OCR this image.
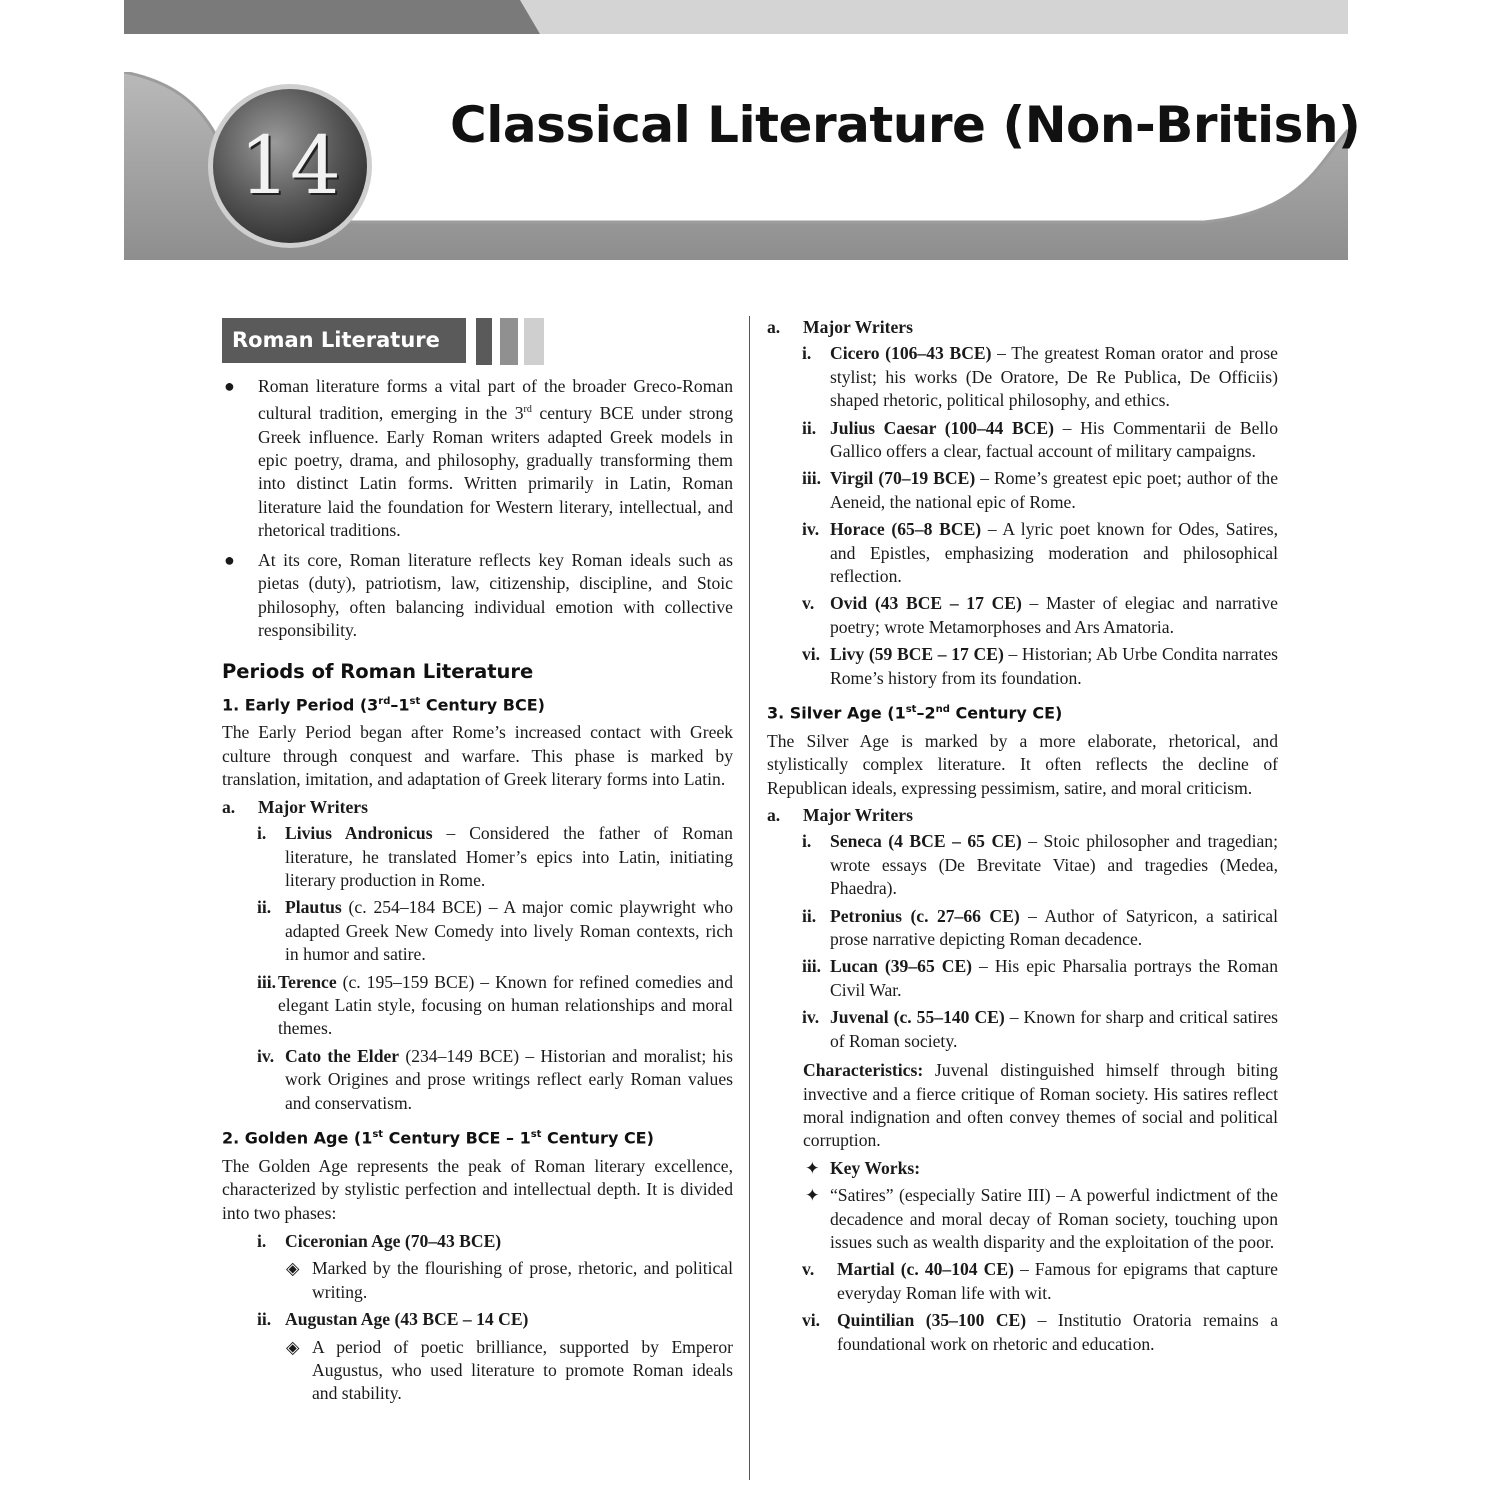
14	Classical Literature (Non-British)
Roman Literature
● Roman literature forms a vital part of the broader Greco-Roman cultural tradition, emerging in the 3rd century BCE under strong Greek influence. Early Roman writers adapted Greek models in epic poetry, drama, and philosophy, gradually transforming them into distinct Latin forms. Written primarily in Latin, Roman literature laid the foundation for Western literary, intellectual, and rhetorical traditions.
● At its core, Roman literature reflects key Roman ideals such as pietas (duty), patriotism, law, citizenship, discipline, and Stoic philosophy, often balancing individual emotion with collective responsibility.
Periods of Roman Literature
1. Early Period (3rd–1st Century BCE)

The Early Period began after Rome’s increased contact with Greek culture through conquest and warfare. This phase is marked by translation, imitation, and adaptation of Greek literary forms into Latin.

a. Major Writers
i.	Livius Andronicus – Considered the father of Roman literature, he translated Homer’s epics into Latin, initiating literary production in Rome.
ii. Plautus (c. 254–184 BCE) – A major comic playwright who adapted Greek New Comedy into lively Roman contexts, rich in humor and satire.
iii. Terence (c. 195–159 BCE) – Known for refined comedies and elegant Latin style, focusing on human relationships and moral themes.
iv. Cato the Elder (234–149 BCE) – Historian and moralist; his work Origines and prose writings reflect early Roman values and conservatism.
2. Golden Age (1st Century BCE – 1st Century CE)

The Golden Age represents the peak of Roman literary excellence, characterized by stylistic perfection and intellectual depth. It is divided into two phases:

i.	Ciceronian Age (70–43 BCE)
◈ Marked by the flourishing of prose, rhetoric, and political writing.
ii. Augustan Age (43 BCE – 14 CE)
◈ A period of poetic brilliance, supported by Emperor Augustus, who used literature to promote Roman ideals and stability.
a. Major Writers
i.	Cicero (106–43 BCE) – The greatest Roman orator and prose stylist; his works (De Oratore, De Re Publica, De Officiis) shaped rhetoric, political philosophy, and ethics.
ii. Julius Caesar (100–44 BCE) – His Commentarii de Bello Gallico offers a clear, factual account of military campaigns.
iii. Virgil (70–19 BCE) – Rome’s greatest epic poet; author of the Aeneid, the national epic of Rome.
iv. Horace (65–8 BCE) – A lyric poet known for Odes, Satires, and Epistles, emphasizing moderation and philosophical reflection.
v. Ovid (43 BCE – 17 CE) – Master of elegiac and narrative poetry; wrote Metamorphoses and Ars Amatoria.
vi. Livy (59 BCE – 17 CE) – Historian; Ab Urbe Condita narrates Rome’s history from its foundation.
3. Silver Age (1st–2nd Century CE)

The Silver Age is marked by a more elaborate, rhetorical, and stylistically complex literature. It often reflects the decline of Republican ideals, expressing pessimism, satire, and moral criticism.

a. Major Writers
i.	Seneca (4 BCE – 65 CE) – Stoic philosopher and tragedian; wrote essays (De Brevitate Vitae) and tragedies (Medea, Phaedra).
ii. Petronius (c. 27–66 CE) – Author of Satyricon, a satirical prose narrative depicting Roman decadence.
iii. Lucan (39–65 CE) – His epic Pharsalia portrays the Roman Civil War.
iv. Juvenal (c. 55–140 CE) – Known for sharp and critical satires of Roman society.

Characteristics: Juvenal distinguished himself through biting invective and a fierce critique of Roman society. His satires reflect moral indignation and often convey themes of social and political corruption.

✦ Key Works:
✦ “Satires” (especially Satire III) – A powerful indictment of the decadence and moral decay of Roman society, touching upon issues such as wealth disparity and the exploitation of the poor.
v. Martial (c. 40–104 CE) – Famous for epigrams that capture everyday Roman life with wit.
vi. Quintilian (35–100 CE) – Institutio Oratoria remains a foundational work on rhetoric and education.
